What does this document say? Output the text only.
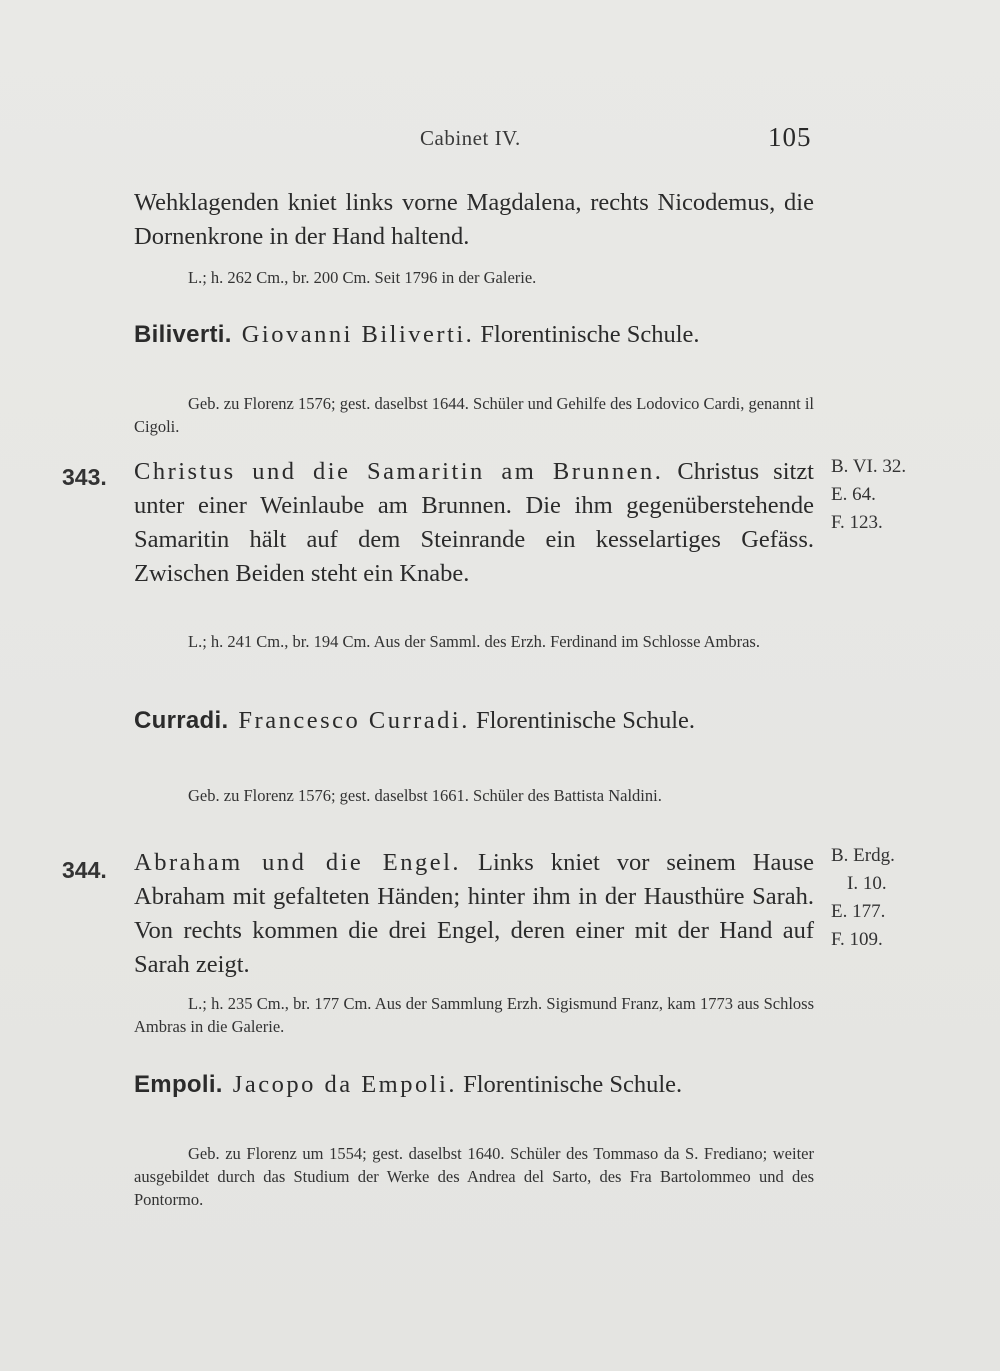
Cabinet IV.	105
Wehklagenden kniet links vorne Magdalena, rechts Nicodemus, die Dornenkrone in der Hand haltend.
L.; h. 262 Cm., br. 200 Cm. Seit 1796 in der Galerie.
Biliverti. Giovanni Biliverti. Florentinische Schule.
Geb. zu Florenz 1576; gest. daselbst 1644. Schüler und Gehilfe des Lodovico Cardi, genannt il Cigoli.
343. Christus und die Samaritin am Brunnen. Christus sitzt unter einer Weinlaube am Brunnen. Die ihm gegenüberstehende Samaritin hält auf dem Steinrande ein kesselartiges Gefäss. Zwischen Beiden steht ein Knabe.
B. VI. 32.
E. 64.
F. 123.
L.; h. 241 Cm., br. 194 Cm. Aus der Samml. des Erzh. Ferdinand im Schlosse Ambras.
Curradi. Francesco Curradi. Florentinische Schule.
Geb. zu Florenz 1576; gest. daselbst 1661. Schüler des Battista Naldini.
344. Abraham und die Engel. Links kniet vor seinem Hause Abraham mit gefalteten Händen; hinter ihm in der Hausthüre Sarah. Von rechts kommen die drei Engel, deren einer mit der Hand auf Sarah zeigt.
B. Erdg.
I. 10.
E. 177.
F. 109.
L.; h. 235 Cm., br. 177 Cm. Aus der Sammlung Erzh. Sigismund Franz, kam 1773 aus Schloss Ambras in die Galerie.
Empoli. Jacopo da Empoli. Florentinische Schule.
Geb. zu Florenz um 1554; gest. daselbst 1640. Schüler des Tommaso da S. Frediano; weiter ausgebildet durch das Studium der Werke des Andrea del Sarto, des Fra Bartolommeo und des Pontormo.
